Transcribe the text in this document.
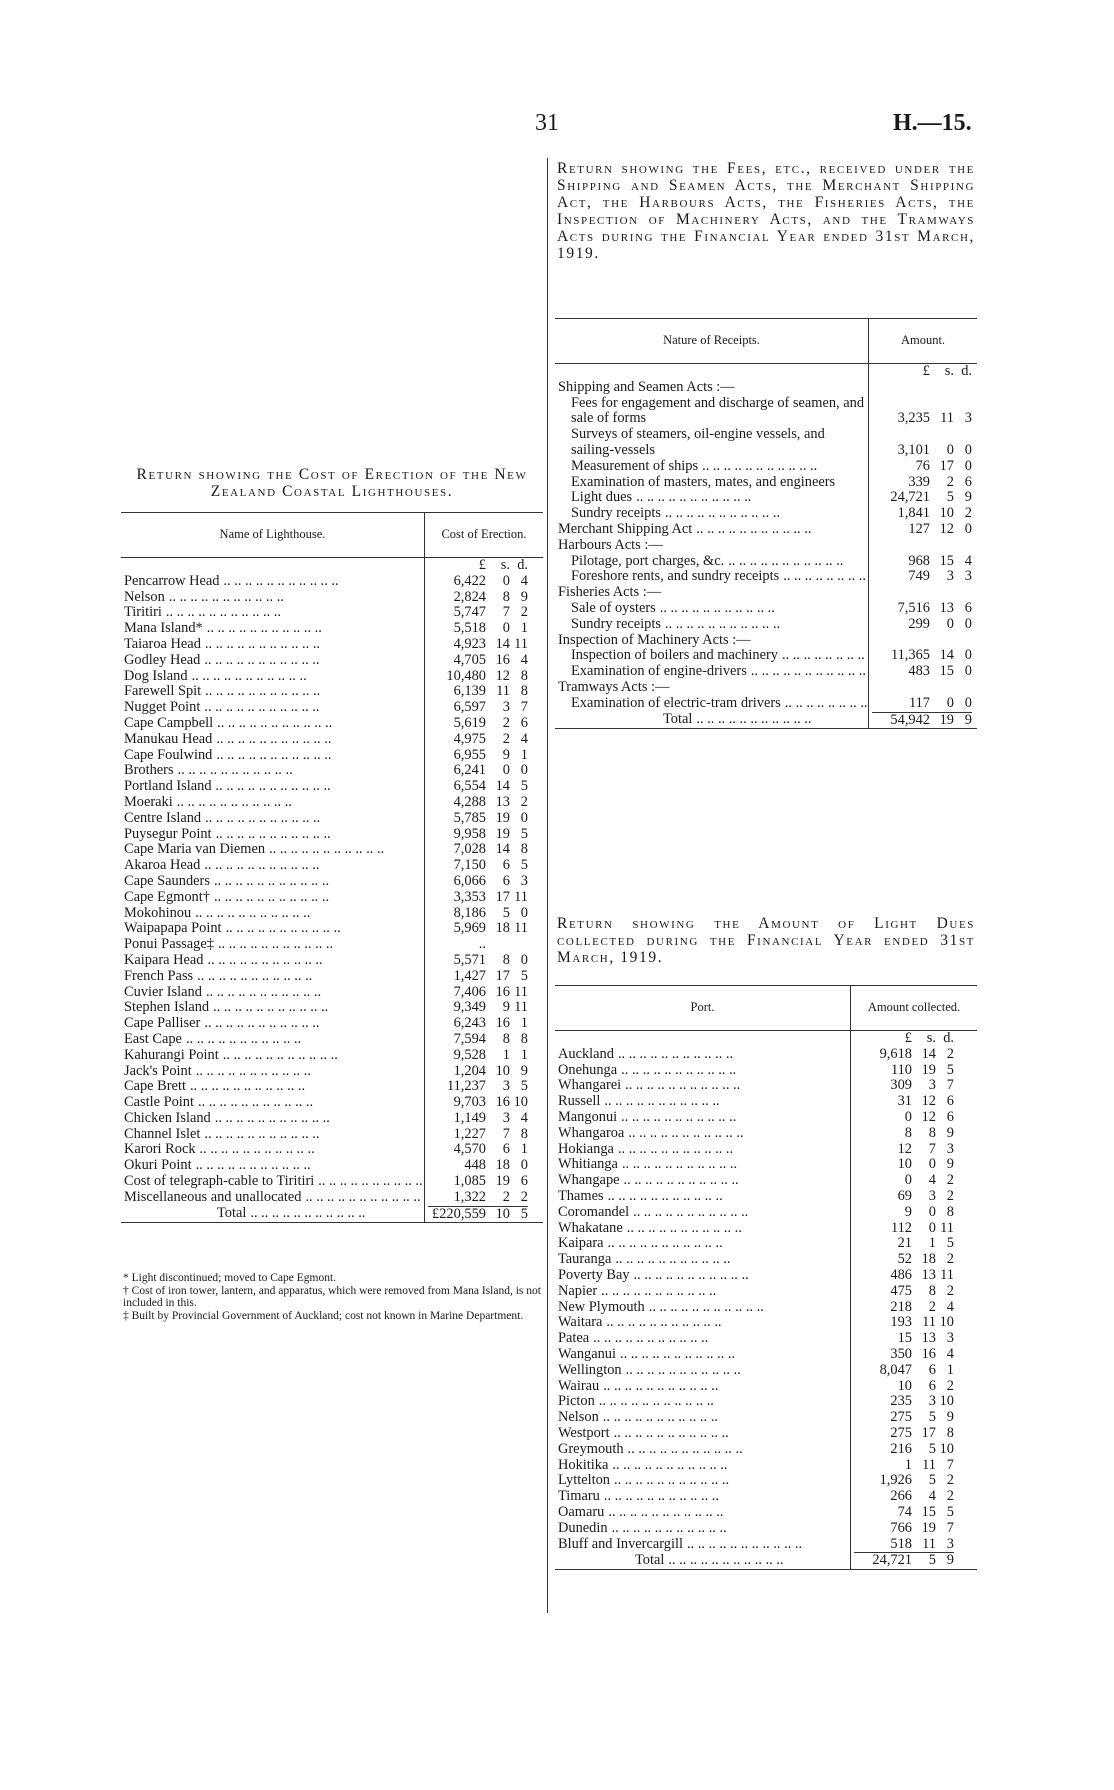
31	H.—15.
Return showing the Fees, etc., received under the Shipping and Seamen Acts, the Merchant Shipping Act, the Harbours Acts, the Fisheries Acts, the Inspection of Machinery Acts, and the Tramways Acts during the Financial Year ended 31st March, 1919.
Nature of Receipts.	Amount.
	£ s. d.
Shipping and Seamen Acts :—	
Fees for engagement and discharge of seamen, and sale of forms	3,235 11 3
Surveys of steamers, oil-engine vessels, and sailing-vessels	3,101 0 0
Measurement of ships .. .	76 17 0
Examination of masters, mates, and engineers	339 2 6
Light dues .. .	24,721 5 9
Sundry receipts .. .	1,841 10 2
Merchant Shipping Act .. .	127 12 0
Harbours Acts :—	
Pilotage, port charges, &c. .. .	968 15 4
Foreshore rents, and sundry receipts .. .	749 3 3
Fisheries Acts :—	
Sale of oysters .. .	7,516 13 6
Sundry receipts .. .	299 0 0
Inspection of Machinery Acts :—	
Inspection of boilers and machinery .. .	11,365 14 0
Examination of engine-drivers .. .	483 15 0
Tramways Acts :—	
Examination of electric-tram drivers .. .	117 0 0
Total .. .	54,942 19 9

Return showing the Cost of Erection of the New Zealand Coastal Lighthouses.
Name of Lighthouse.	Cost of Erection.
	£ s. d.
Pencarrow Head .. .	6,422 0 4
Nelson .. .	2,824 8 9
Tiritiri .. .	5,747 7 2
Mana Island* .. .	5,518 0 1
Taiaroa Head .. .	4,923 14 11
Godley Head .. .	4,705 16 4
Dog Island .. .	10,480 12 8
Farewell Spit .. .	6,139 11 8
Nugget Point .. .	6,597 3 7
Cape Campbell .. .	5,619 2 6
Manukau Head .. .	4,975 2 4
Cape Foulwind .. .	6,955 9 1
Brothers .. .	6,241 0 0
Portland Island .. .	6,554 14 5
Moeraki .. .	4,288 13 2
Centre Island .. .	5,785 19 0
Puysegur Point .. .	9,958 19 5
Cape Maria van Diemen .. .	7,028 14 8
Akaroa Head .. .	7,150 6 5
Cape Saunders .. .	6,066 6 3
Cape Egmont† .. .	3,353 17 11
Mokohinou .. .	8,186 5 0
Waipapapa Point .. .	5,969 18 11
Ponui Passage‡ .. .	..
Kaipara Head .. .	5,571 8 0
French Pass .. .	1,427 17 5
Cuvier Island .. .	7,406 16 11
Stephen Island .. .	9,349 9 11
Cape Palliser .. .	6,243 16 1
East Cape .. .	7,594 8 8
Kahurangi Point .. .	9,528 1 1
Jack's Point .. .	1,204 10 9
Cape Brett .. .	11,237 3 5
Castle Point .. .	9,703 16 10
Chicken Island .. .	1,149 3 4
Channel Islet .. .	1,227 7 8
Karori Rock .. .	4,570 6 1
Okuri Point .. .	448 18 0
Cost of telegraph-cable to Tiritiri .. .	1,085 19 6
Miscellaneous and unallocated .. .	1,322 2 2
Total .. .	£220,559 10 5

* Light discontinued; moved to Cape Egmont.
† Cost of iron tower, lantern, and apparatus, which were removed from Mana Island, is not included in this.
‡ Built by Provincial Government of Auckland; cost not known in Marine Department.
Return showing the Amount of Light Dues collected during the Financial Year ended 31st March, 1919.
Port.	Amount collected.
	£ s. d.
Auckland .. .	9,618 14 2
Onehunga .. .	110 19 5
Whangarei .. .	309 3 7
Russell .. .	31 12 6
Mangonui .. .	0 12 6
Whangaroa .. .	8 8 9
Hokianga .. .	12 7 3
Whitianga .. .	10 0 9
Whangape .. .	0 4 2
Thames .. .	69 3 2
Coromandel .. .	9 0 8
Whakatane .. .	112 0 11
Kaipara .. .	21 1 5
Tauranga .. .	52 18 2
Poverty Bay .. .	486 13 11
Napier .. .	475 8 2
New Plymouth .. .	218 2 4
Waitara .. .	193 11 10
Patea .. .	15 13 3
Wanganui .. .	350 16 4
Wellington .. .	8,047 6 1
Wairau .. .	10 6 2
Picton .. .	235 3 10
Nelson .. .	275 5 9
Westport .. .	275 17 8
Greymouth .. .	216 5 10
Hokitika .. .	1 11 7
Lyttelton .. .	1,926 5 2
Timaru .. .	266 4 2
Oamaru .. .	74 15 5
Dunedin .. .	766 19 7
Bluff and Invercargill .. .	518 11 3
Total .. .	24,721 5 9
